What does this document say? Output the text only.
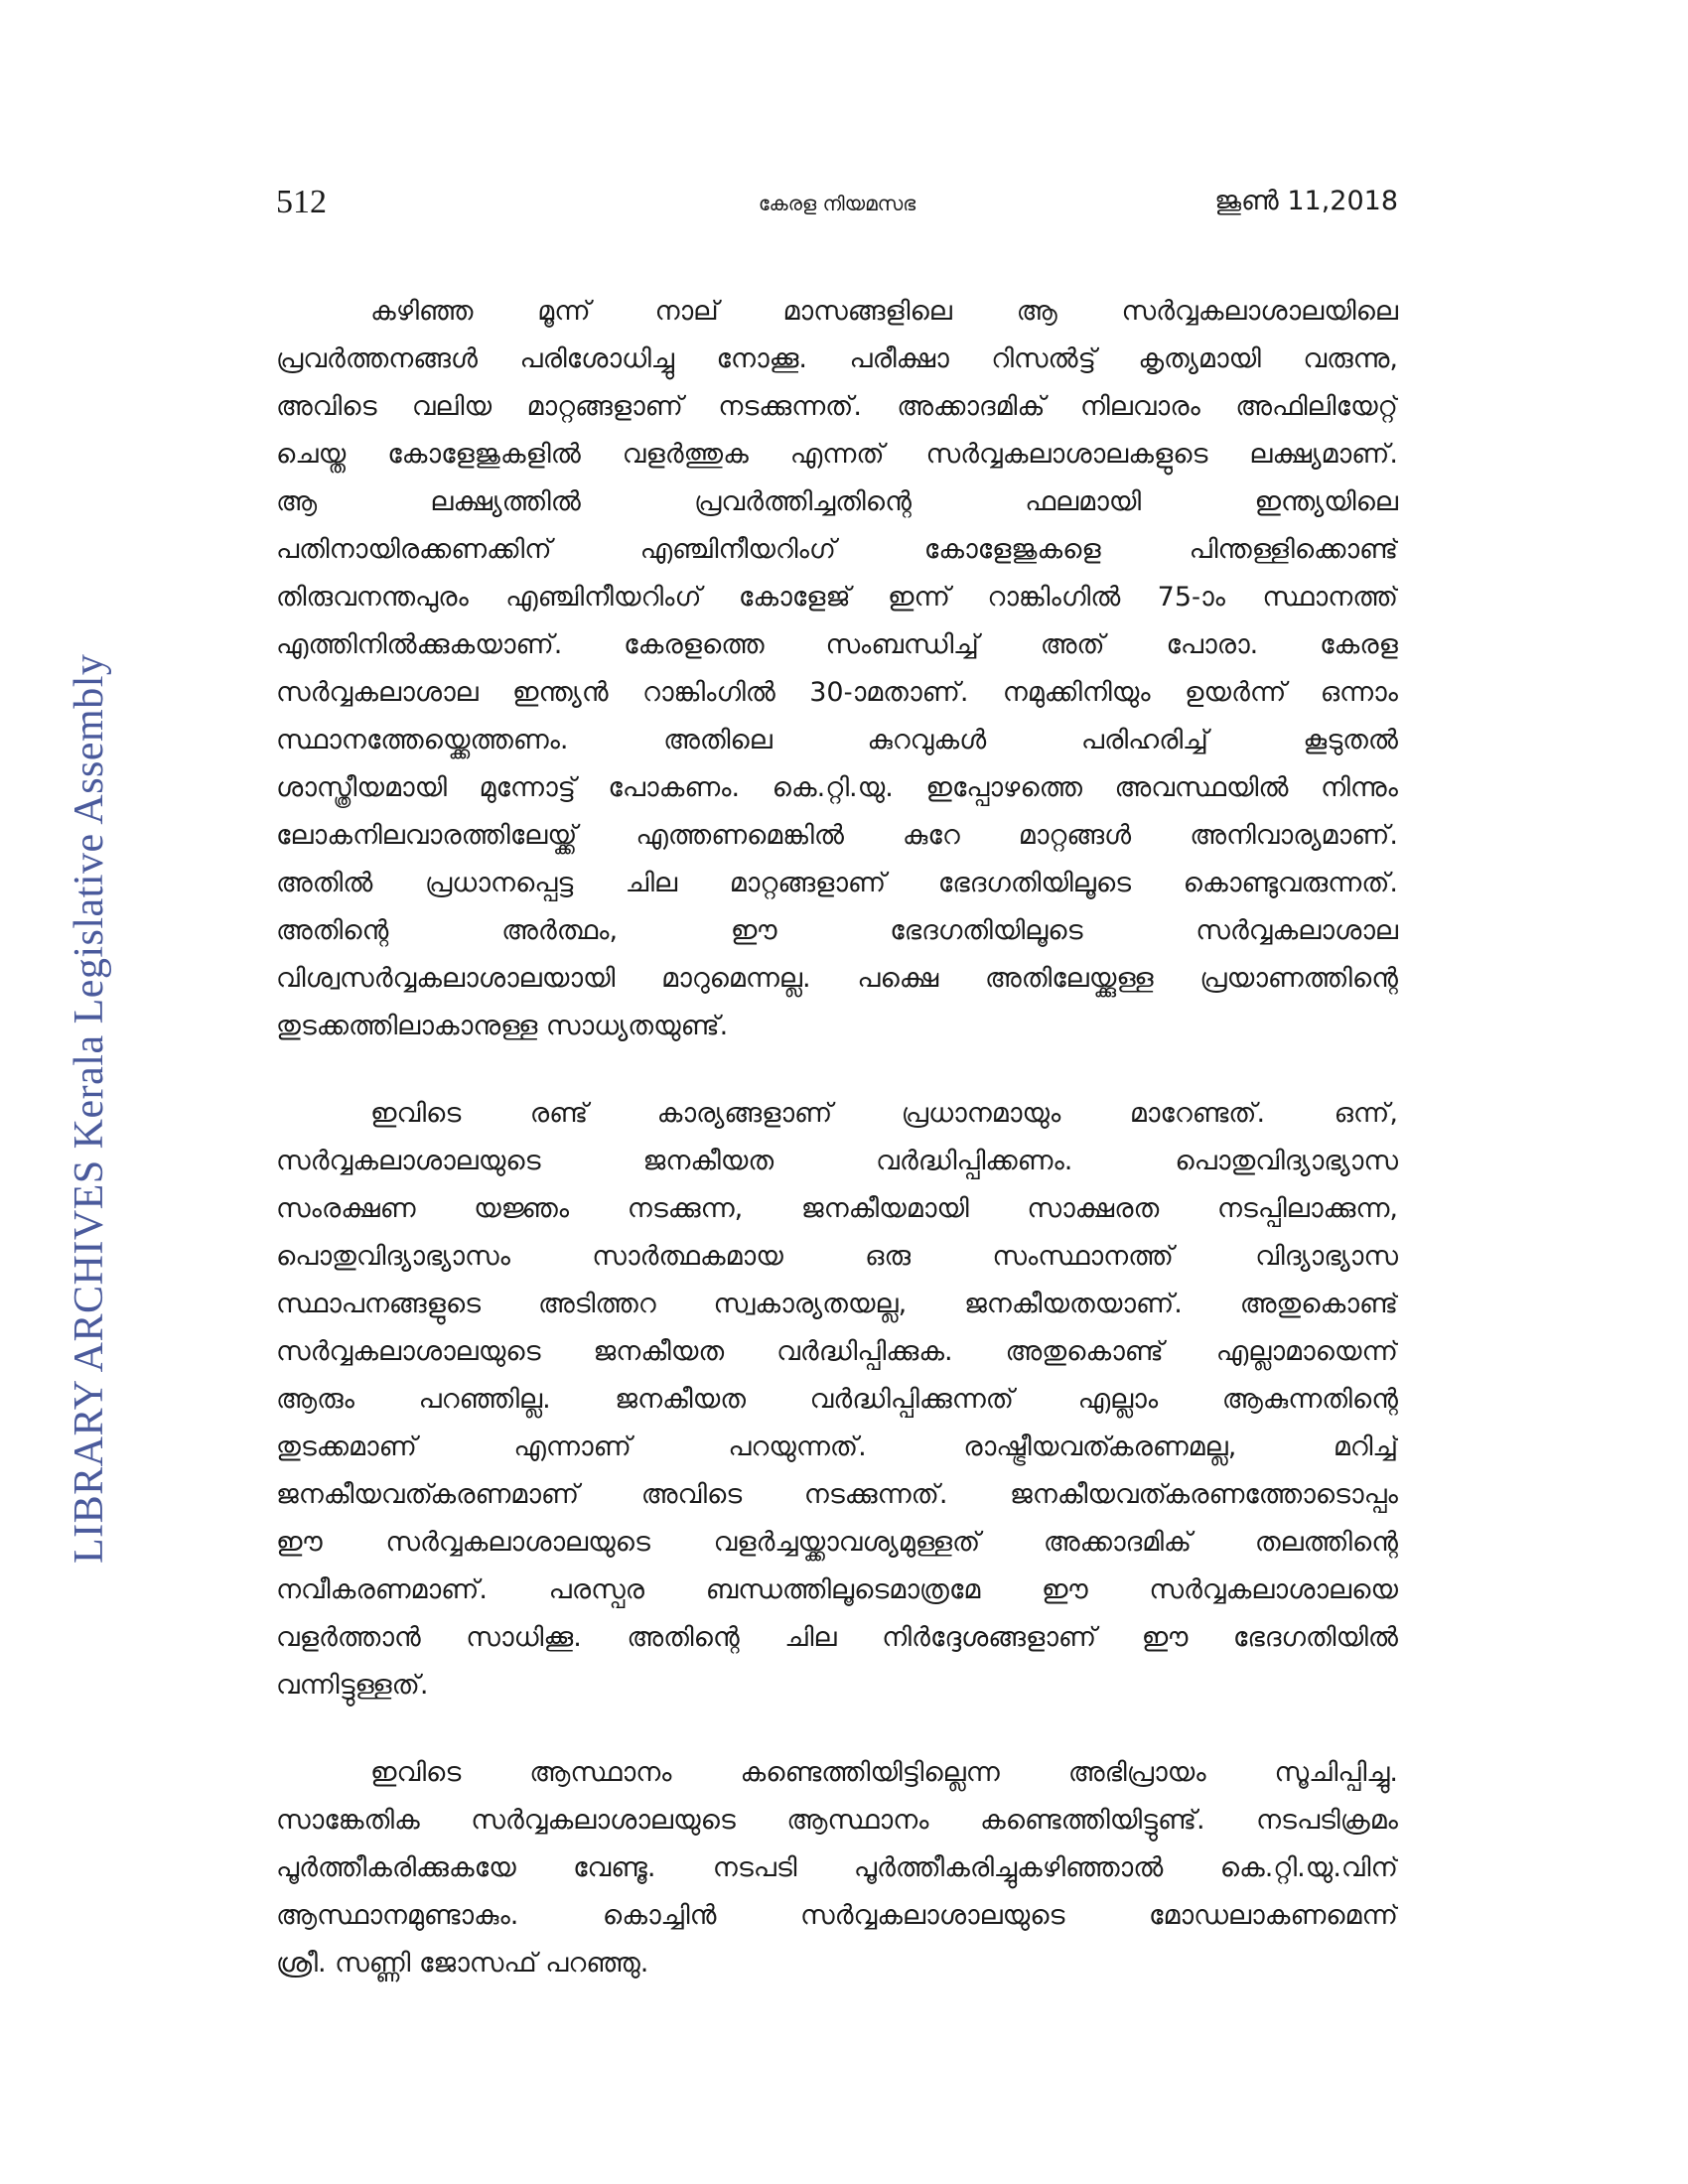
LIBRARY ARCHIVES Kerala Legislative Assembly
512	കേരള നിയമസഭ	ജൂൺ 11,2018
കഴിഞ്ഞ മൂന്ന് നാല് മാസങ്ങളിലെ ആ സർവ്വകലാശാലയിലെ
പ്രവർത്തനങ്ങൾ പരിശോധിച്ചു നോക്കൂ. പരീക്ഷാ റിസൽട്ട് കൃത്യമായി വരുന്നു,
അവിടെ വലിയ മാറ്റങ്ങളാണ് നടക്കുന്നത്. അക്കാദമിക് നിലവാരം അഫിലിയേറ്റ്
ചെയ്ത കോളേജുകളിൽ വളർത്തുക എന്നത് സർവ്വകലാശാലകളുടെ ലക്ഷ്യമാണ്.
ആ	ലക്ഷ്യത്തിൽ	പ്രവർത്തിച്ചതിന്റെ	ഫലമായി	ഇന്ത്യയിലെ
പതിനായിരക്കണക്കിന്	എഞ്ചിനീയറിംഗ്	കോളേജുകളെ	പിന്തള്ളിക്കൊണ്ട്
തിരുവനന്തപുരം എഞ്ചിനീയറിംഗ് കോളേജ് ഇന്ന് റാങ്കിംഗിൽ 75-ാം സ്ഥാനത്ത്
എത്തിനിൽക്കുകയാണ്. കേരളത്തെ സംബന്ധിച്ച് അത് പോരാ. കേരള
സർവ്വകലാശാല ഇന്ത്യൻ റാങ്കിംഗിൽ 30-ാമതാണ്. നമുക്കിനിയും ഉയർന്ന് ഒന്നാം
സ്ഥാനത്തേയ്ക്കെത്തണം.	അതിലെ	കുറവുകൾ	പരിഹരിച്ച്	കൂടുതൽ
ശാസ്ത്രീയമായി മുന്നോട്ട് പോകണം. കെ.റ്റി.യു. ഇപ്പോഴത്തെ അവസ്ഥയിൽ നിന്നും
ലോകനിലവാരത്തിലേയ്ക്ക് എത്തണമെങ്കിൽ കുറേ മാറ്റങ്ങൾ അനിവാര്യമാണ്.
അതിൽ പ്രധാനപ്പെട്ട ചില മാറ്റങ്ങളാണ് ഭേദഗതിയിലൂടെ കൊണ്ടുവരുന്നത്.
അതിന്റെ	അർത്ഥം,	ഈ	ഭേദഗതിയിലൂടെ	സർവ്വകലാശാല
വിശ്വസർവ്വകലാശാലയായി മാറുമെന്നല്ല. പക്ഷെ അതിലേയ്ക്കുള്ള പ്രയാണത്തിന്റെ
തുടക്കത്തിലാകാനുള്ള സാധ്യതയുണ്ട്.
ഇവിടെ	രണ്ട്	കാര്യങ്ങളാണ്	പ്രധാനമായും	മാറേണ്ടത്.	ഒന്ന്,
സർവ്വകലാശാലയുടെ	ജനകീയത	വർദ്ധിപ്പിക്കണം.	പൊതുവിദ്യാഭ്യാസ
സംരക്ഷണ യജ്ഞം നടക്കുന്ന, ജനകീയമായി സാക്ഷരത നടപ്പിലാക്കുന്ന,
പൊതുവിദ്യാഭ്യാസം	സാർത്ഥകമായ	ഒരു	സംസ്ഥാനത്ത്	വിദ്യാഭ്യാസ
സ്ഥാപനങ്ങളുടെ അടിത്തറ സ്വകാര്യതയല്ല, ജനകീയതയാണ്. അതുകൊണ്ട്
സർവ്വകലാശാലയുടെ ജനകീയത വർദ്ധിപ്പിക്കുക. അതുകൊണ്ട് എല്ലാമായെന്ന്
ആരും പറഞ്ഞില്ല. ജനകീയത വർദ്ധിപ്പിക്കുന്നത് എല്ലാം ആകുന്നതിന്റെ
തുടക്കമാണ്	എന്നാണ്	പറയുന്നത്.	രാഷ്ട്രീയവത്കരണമല്ല,	മറിച്ച്
ജനകീയവത്കരണമാണ് അവിടെ നടക്കുന്നത്. ജനകീയവത്കരണത്തോടൊപ്പം
ഈ സർവ്വകലാശാലയുടെ വളർച്ചയ്ക്കാവശ്യമുള്ളത് അക്കാദമിക് തലത്തിന്റെ
നവീകരണമാണ്. പരസ്പര ബന്ധത്തിലൂടെമാത്രമേ ഈ സർവ്വകലാശാലയെ
വളർത്താൻ സാധിക്കൂ. അതിന്റെ ചില നിർദ്ദേശങ്ങളാണ് ഈ ഭേദഗതിയിൽ
വന്നിട്ടുള്ളത്.
ഇവിടെ	ആസ്ഥാനം	കണ്ടെത്തിയിട്ടില്ലെന്ന	അഭിപ്രായം	സൂചിപ്പിച്ചു.
സാങ്കേതിക സർവ്വകലാശാലയുടെ ആസ്ഥാനം കണ്ടെത്തിയിട്ടുണ്ട്. നടപടിക്രമം
പൂർത്തീകരിക്കുകയേ വേണ്ടൂ. നടപടി പൂർത്തീകരിച്ചുകഴിഞ്ഞാൽ കെ.റ്റി.യു.വിന്
ആസ്ഥാനമുണ്ടാകും.	കൊച്ചിൻ	സർവ്വകലാശാലയുടെ	മോഡലാകണമെന്ന്
ശ്രീ. സണ്ണി ജോസഫ് പറഞ്ഞു.
